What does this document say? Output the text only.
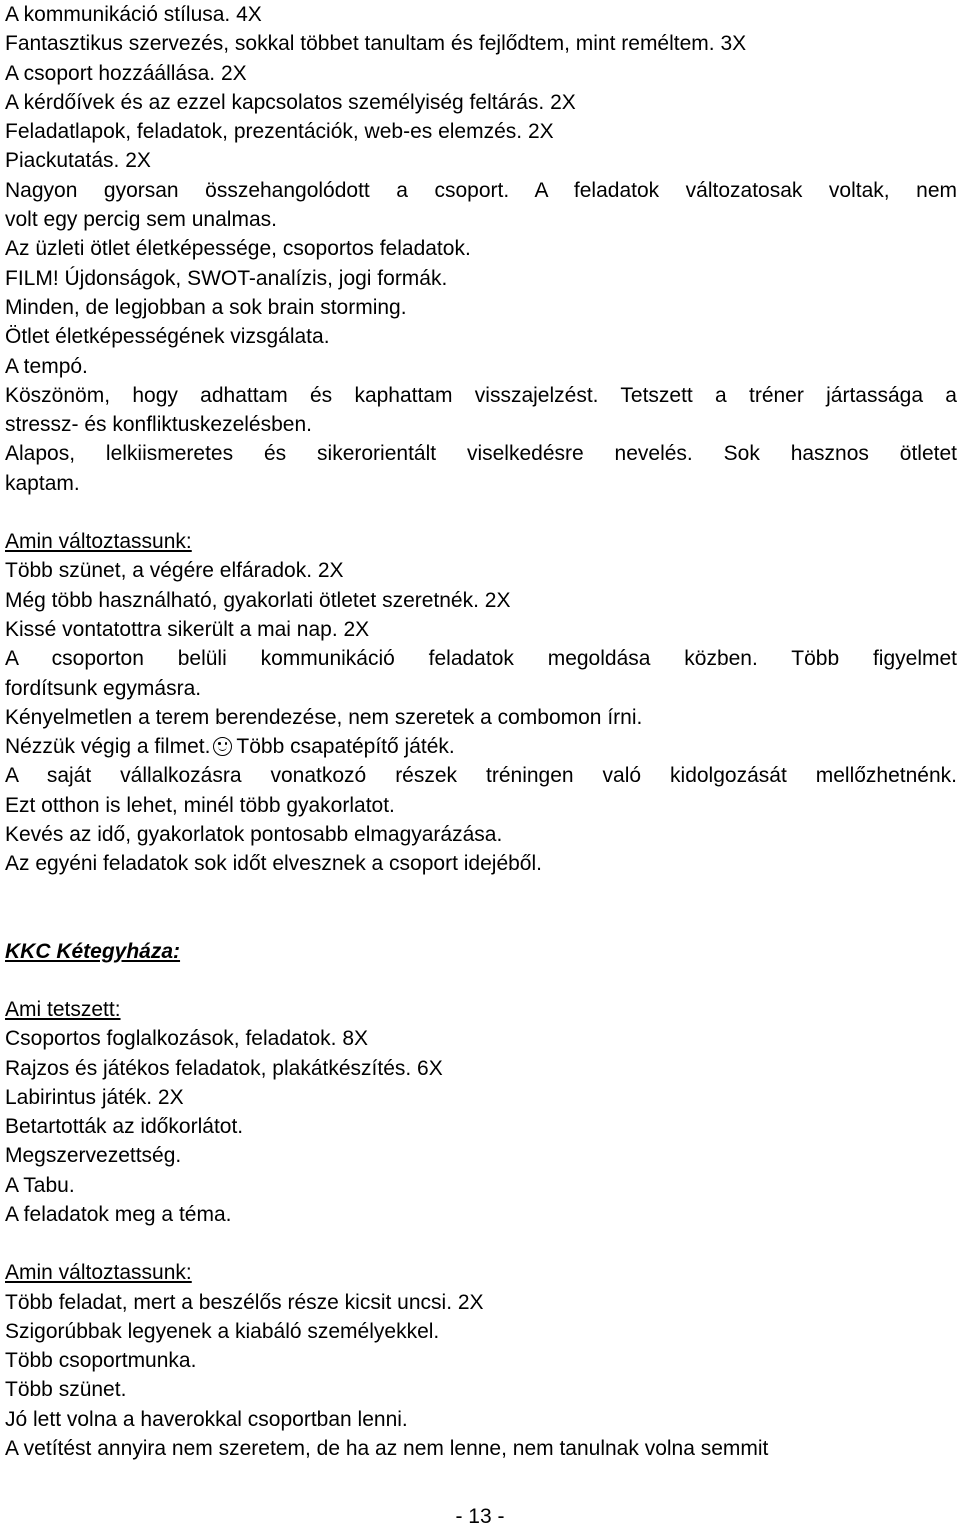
A kommunikáció stílusa. 4X

Fantasztikus szervezés, sokkal többet tanultam és fejlődtem, mint reméltem. 3X

A csoport hozzáállása. 2X

A kérdőívek és az ezzel kapcsolatos személyiség feltárás. 2X

Feladatlapok, feladatok, prezentációk, web-es elemzés. 2X

Piackutatás. 2X

Nagyon gyorsan összehangolódott a csoport. A feladatok változatosak voltak, nem

volt egy percig sem unalmas.

Az üzleti ötlet életképessége, csoportos feladatok.

FILM! Újdonságok, SWOT-analízis, jogi formák.

Minden, de legjobban a sok brain storming.

Ötlet életképességének vizsgálata.

A tempó.

Köszönöm, hogy adhattam és kaphattam visszajelzést. Tetszett a tréner jártassága a

stressz- és konfliktuskezelésben.

Alapos, lelkiismeretes és sikerorientált viselkedésre nevelés. Sok hasznos ötletet

kaptam.

Amin változtassunk:

Több szünet, a végére elfáradok. 2X

Még több használható, gyakorlati ötletet szeretnék. 2X

Kissé vontatottra sikerült a mai nap. 2X

A csoporton belüli kommunikáció feladatok megoldása közben. Több figyelmet

fordítsunk egymásra.

Kényelmetlen a terem berendezése, nem szeretek a combomon írni.

Nézzük végig a filmet. Több csapatépítő játék.

A saját vállalkozásra vonatkozó részek tréningen való kidolgozását mellőzhetnénk.

Ezt otthon is lehet, minél több gyakorlatot.

Kevés az idő, gyakorlatok pontosabb elmagyarázása.

Az egyéni feladatok sok időt elvesznek a csoport idejéből.

KKC Kétegyháza:

Ami tetszett:

Csoportos foglalkozások, feladatok. 8X

Rajzos és játékos feladatok, plakátkészítés. 6X

Labirintus játék. 2X

Betartották az időkorlátot.

Megszervezettség.

A Tabu.

A feladatok meg a téma.

Amin változtassunk:

Több feladat, mert a beszélős része kicsit uncsi. 2X

Szigorúbbak legyenek a kiabáló személyekkel.

Több csoportmunka.

Több szünet.

Jó lett volna a haverokkal csoportban lenni.

A vetítést annyira nem szeretem, de ha az nem lenne, nem tanulnak volna semmit

- 13 -
